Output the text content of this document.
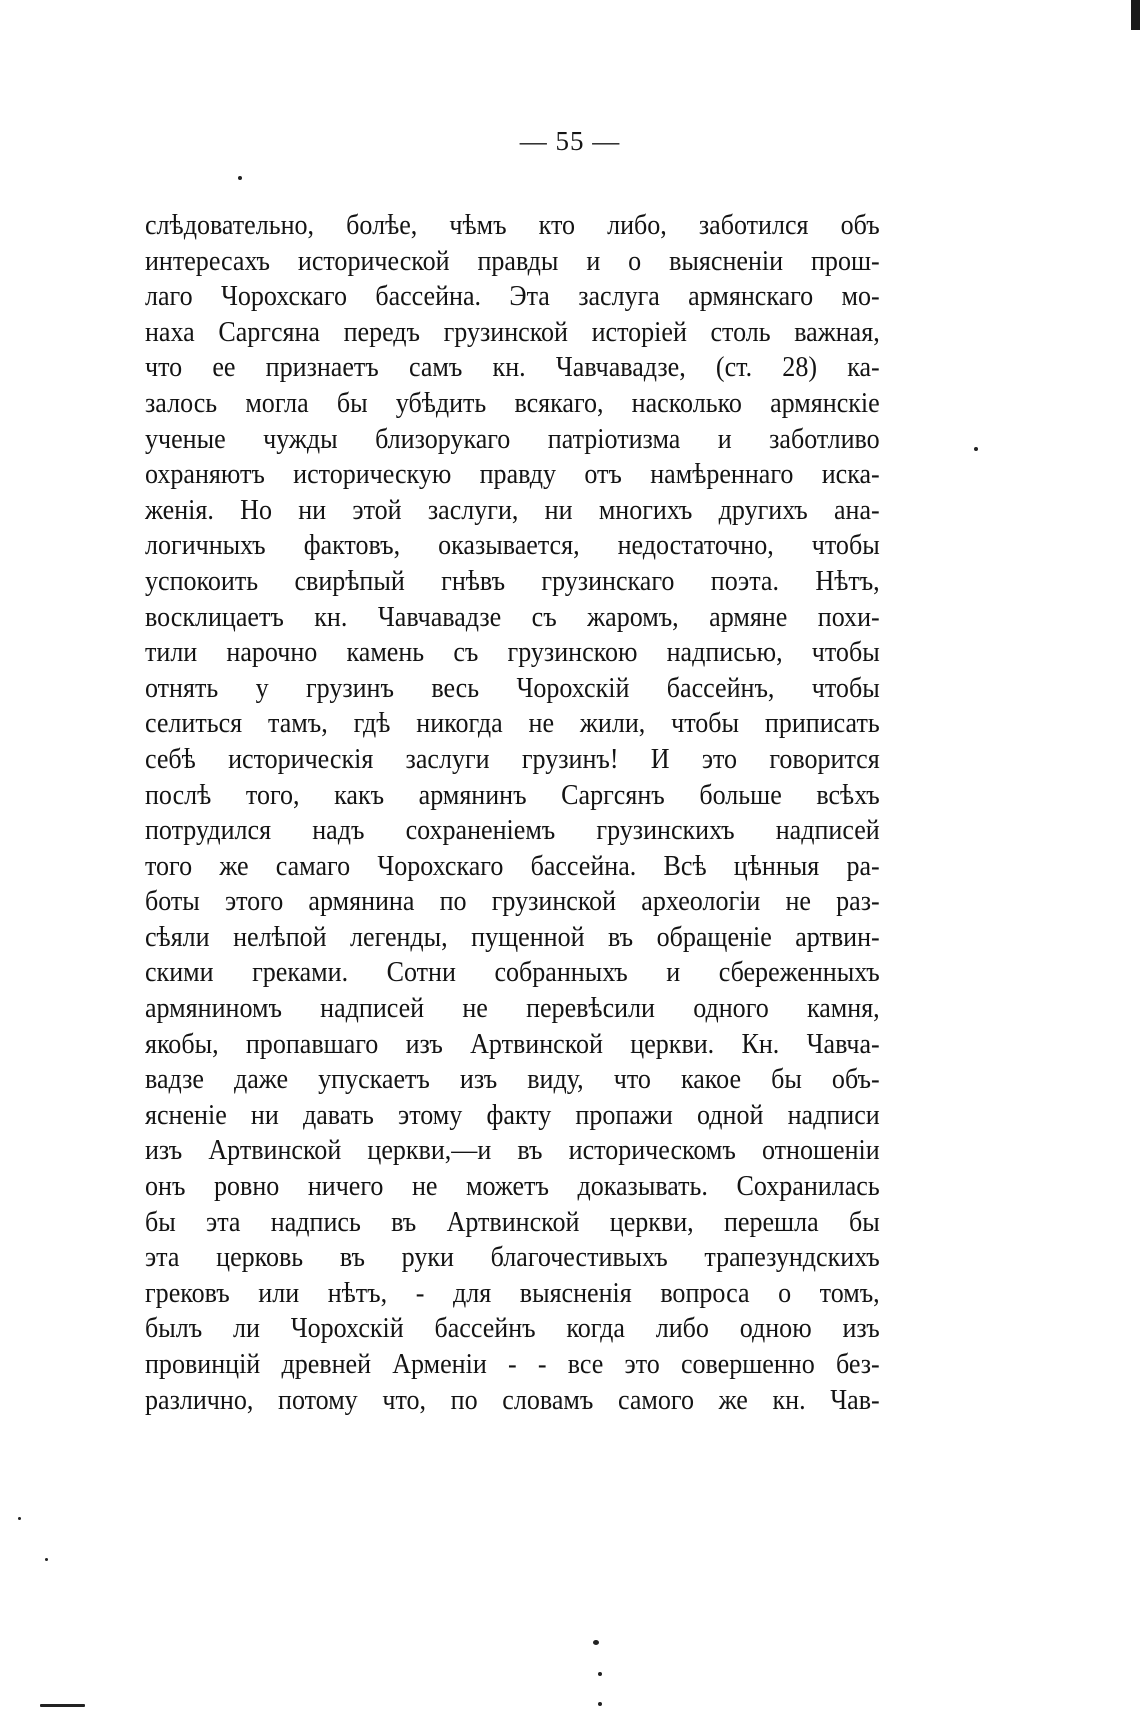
— 55 —
слѣдовательно, болѣе, чѣмъ кто либо, заботился объ
интересахъ исторической правды и о выясненіи прош-
лаго Чорохскаго бассейна. Эта заслуга армянскаго мо-
наха Саргсяна передъ грузинской исторіей столь важная,
что ее признаетъ самъ кн. Чавчавадзе, (ст. 28) ка-
залось могла бы убѣдить всякаго, насколько армянскіе
ученые чужды близорукаго патріотизма и заботливо
охраняютъ историческую правду отъ намѣреннаго иска-
женія. Но ни этой заслуги, ни многихъ другихъ ана-
логичныхъ фактовъ, оказывается, недостаточно, чтобы
успокоить свирѣпый гнѣвъ грузинскаго поэта. Нѣтъ,
восклицаетъ кн. Чавчавадзе съ жаромъ, армяне похи-
тили нарочно камень съ грузинскою надписью, чтобы
отнять у грузинъ весь Чорохскій бассейнъ, чтобы
селиться тамъ, гдѣ никогда не жили, чтобы приписать
себѣ историческія заслуги грузинъ! И это говорится
послѣ того, какъ армянинъ Саргсянъ больше всѣхъ
потрудился надъ сохраненіемъ грузинскихъ надписей
того же самаго Чорохскаго бассейна. Всѣ цѣнныя ра-
боты этого армянина по грузинской археологіи не раз-
сѣяли нелѣпой легенды, пущенной въ обращеніе артвин-
скими греками. Сотни собранныхъ и сбереженныхъ
армяниномъ надписей не перевѣсили одного камня,
якобы, пропавшаго изъ Артвинской церкви. Кн. Чавча-
вадзе даже упускаетъ изъ виду, что какое бы объ-
ясненіе ни давать этому факту пропажи одной надписи
изъ Артвинской церкви,—и въ историческомъ отношеніи
онъ ровно ничего не можетъ доказывать. Сохранилась
бы эта надпись въ Артвинской церкви, перешла бы
эта церковь въ руки благочестивыхъ трапезундскихъ
грековъ или нѣтъ, - для выясненія вопроса о томъ,
былъ ли Чорохскій бассейнъ когда либо одною изъ
провинцій древней Арменіи - - все это совершенно без-
различно, потому что, по словамъ самого же кн. Чав-
